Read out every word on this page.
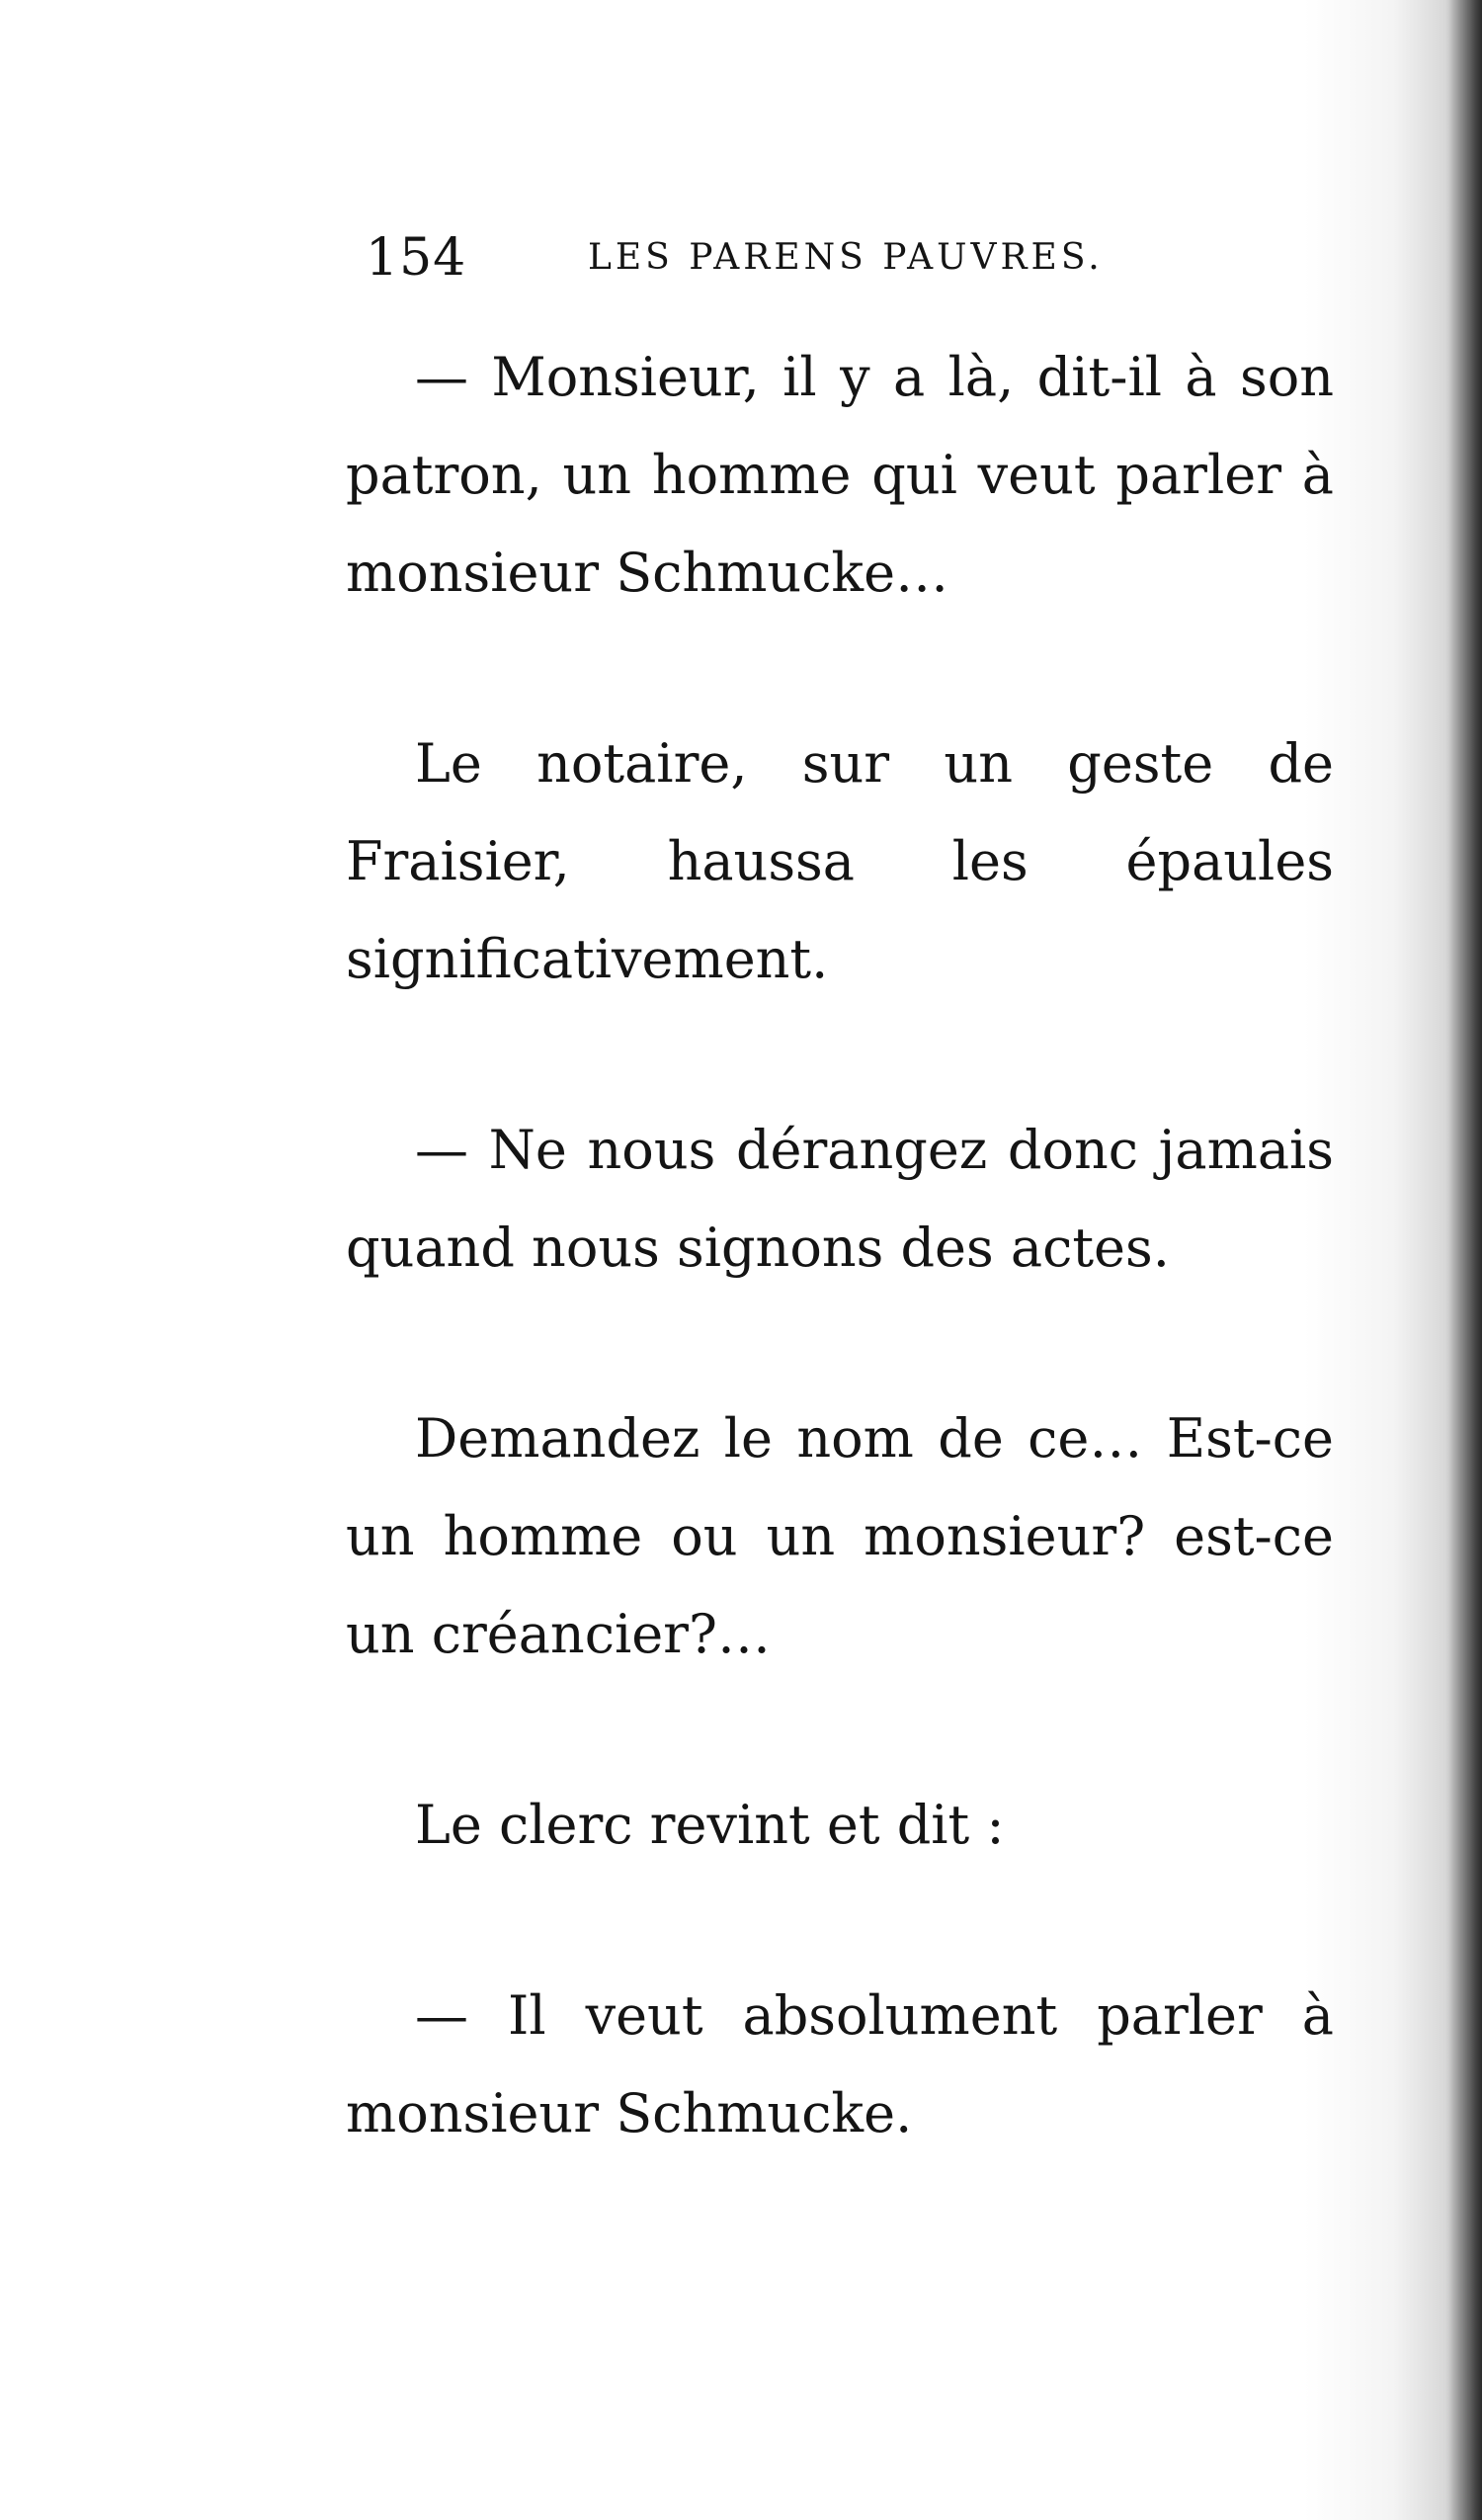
154	LES PARENS PAUVRES.

— Monsieur, il y a là, dit-il à son patron, un homme qui veut parler à monsieur Schmucke…

Le notaire, sur un geste de Fraisier, haussa les épaules significativement.

— Ne nous dérangez donc jamais quand nous signons des actes.

Demandez le nom de ce… Est-ce un homme ou un monsieur? est-ce un créancier?…

Le clerc revint et dit :

— Il veut absolument parler à monsieur Schmucke.
